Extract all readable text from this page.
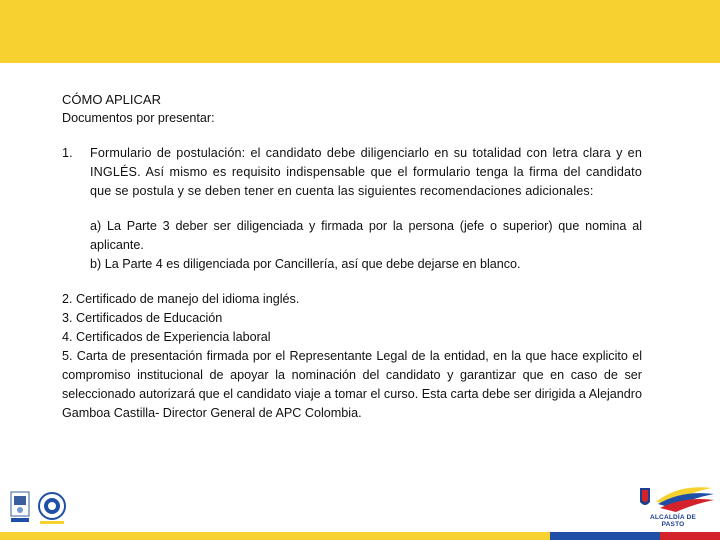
CÓMO APLICAR
Documentos por presentar:
1.	Formulario de postulación: el candidato debe diligenciarlo en su totalidad con letra clara y en INGLÉS. Así mismo es requisito indispensable que el formulario tenga la firma del candidato que se postula y se deben tener en cuenta las siguientes recomendaciones adicionales:

a) La Parte 3 deber ser diligenciada y firmada por la persona (jefe o superior) que nomina al aplicante.

b) La Parte 4 es diligenciada por Cancillería, así que debe dejarse en blanco.

2. Certificado de manejo del idioma inglés.

3. Certificados de Educación

4. Certificados de Experiencia laboral

5. Carta de presentación firmada por el Representante Legal de la entidad, en la que hace explicito el compromiso institucional de apoyar la nominación del candidato y garantizar que en caso de ser seleccionado autorizará que el candidato viaje a tomar el curso. Esta carta debe ser dirigida a Alejandro Gamboa Castilla- Director General de APC Colombia.

ALCALDÍA DE PASTO
